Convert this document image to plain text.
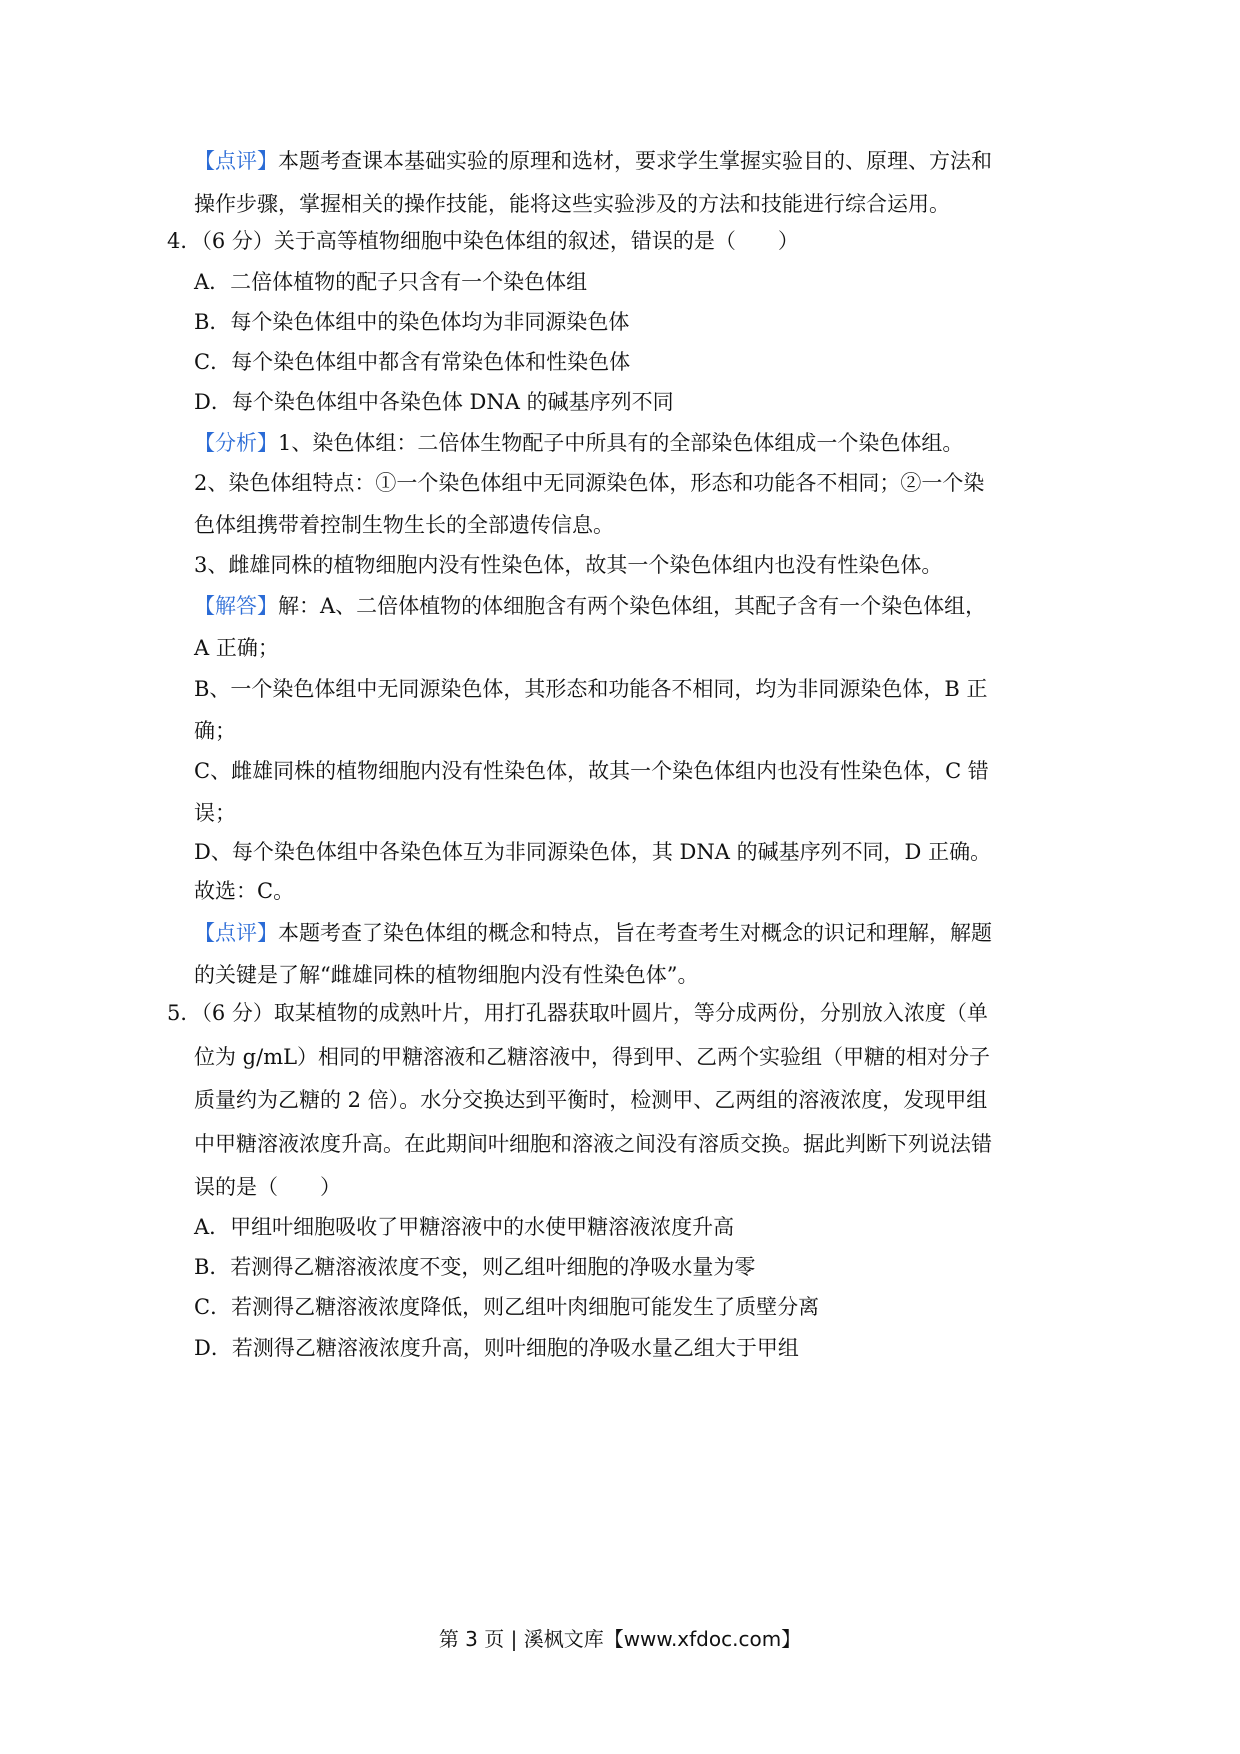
【点评】本题考查课本基础实验的原理和选材，要求学生掌握实验目的、原理、方法和
操作步骤，掌握相关的操作技能，能将这些实验涉及的方法和技能进行综合运用。
4．（6 分）关于高等植物细胞中染色体组的叙述，错误的是（　　）
A．二倍体植物的配子只含有一个染色体组
B．每个染色体组中的染色体均为非同源染色体
C．每个染色体组中都含有常染色体和性染色体
D．每个染色体组中各染色体 DNA 的碱基序列不同
【分析】1、染色体组：二倍体生物配子中所具有的全部染色体组成一个染色体组。
2、染色体组特点：①一个染色体组中无同源染色体，形态和功能各不相同；②一个染
色体组携带着控制生物生长的全部遗传信息。
3、雌雄同株的植物细胞内没有性染色体，故其一个染色体组内也没有性染色体。
【解答】解：A、二倍体植物的体细胞含有两个染色体组，其配子含有一个染色体组，
A 正确；
B、一个染色体组中无同源染色体，其形态和功能各不相同，均为非同源染色体，B 正
确；
C、雌雄同株的植物细胞内没有性染色体，故其一个染色体组内也没有性染色体，C 错
误；
D、每个染色体组中各染色体互为非同源染色体，其 DNA 的碱基序列不同，D 正确。
故选：C。
【点评】本题考查了染色体组的概念和特点，旨在考查考生对概念的识记和理解，解题
的关键是了解“雌雄同株的植物细胞内没有性染色体”。
5．（6 分）取某植物的成熟叶片，用打孔器获取叶圆片，等分成两份，分别放入浓度（单
位为 g/mL）相同的甲糖溶液和乙糖溶液中，得到甲、乙两个实验组（甲糖的相对分子
质量约为乙糖的 2 倍）。水分交换达到平衡时，检测甲、乙两组的溶液浓度，发现甲组
中甲糖溶液浓度升高。在此期间叶细胞和溶液之间没有溶质交换。据此判断下列说法错
误的是（　　）
A．甲组叶细胞吸收了甲糖溶液中的水使甲糖溶液浓度升高
B．若测得乙糖溶液浓度不变，则乙组叶细胞的净吸水量为零
C．若测得乙糖溶液浓度降低，则乙组叶肉细胞可能发生了质壁分离
D．若测得乙糖溶液浓度升高，则叶细胞的净吸水量乙组大于甲组
第 3 页 | 溪枫文库【www.xfdoc.com】
